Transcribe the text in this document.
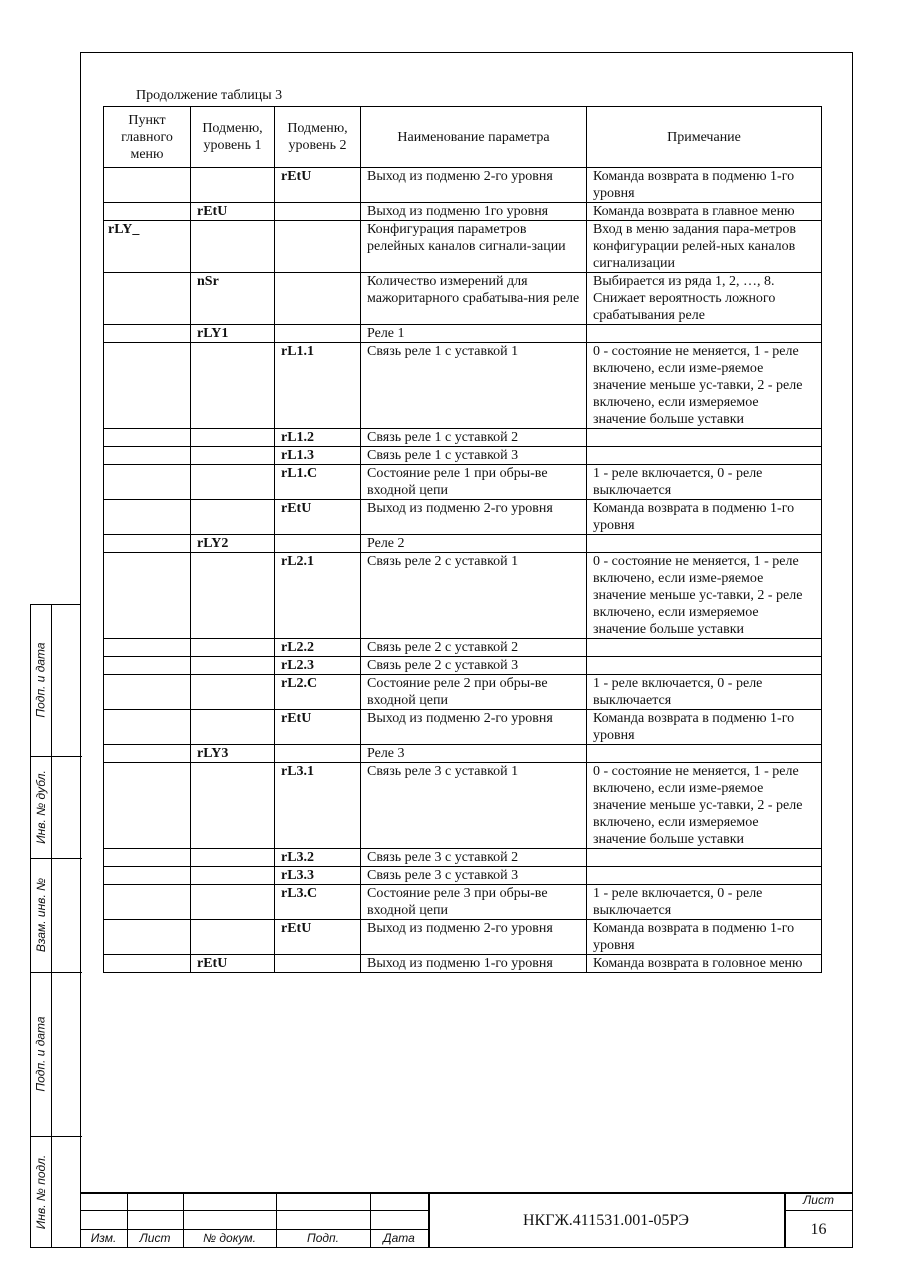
Продолжение таблицы 3
Пункт главного меню	Подменю, уровень 1	Подменю, уровень 2	Наименование параметра	Примечание
		rEtU	Выход из подменю 2-го уровня	Команда возврата в подменю 1-го уровня
	rEtU		Выход из подменю 1го уровня	Команда возврата в главное меню
rLY_			Конфигурация параметров релейных каналов сигнали-зации	Вход в меню задания пара-метров конфигурации релей-ных каналов сигнализации
	nSr		Количество измерений для мажоритарного срабатыва-ния реле	Выбирается из ряда 1, 2, …, 8. Снижает вероятность ложного срабатывания реле
	rLY1		Реле 1	
		rL1.1	Связь реле 1 с уставкой 1	0 - состояние не меняется, 1 - реле включено, если изме-ряемое значение меньше ус-тавки, 2 - реле включено, если измеряемое значение больше уставки
		rL1.2	Связь реле 1 с уставкой 2	
		rL1.3	Связь реле 1 с уставкой 3	
		rL1.C	Состояние реле 1 при обры-ве входной цепи	1 - реле включается, 0 - реле выключается
		rEtU	Выход из подменю 2-го уровня	Команда возврата в подменю 1-го уровня
	rLY2		Реле 2	
		rL2.1	Связь реле 2 с уставкой 1	0 - состояние не меняется, 1 - реле включено, если изме-ряемое значение меньше ус-тавки, 2 - реле включено, если измеряемое значение больше уставки
		rL2.2	Связь реле 2 с уставкой 2	
		rL2.3	Связь реле 2 с уставкой 3	
		rL2.C	Состояние реле 2 при обры-ве входной цепи	1 - реле включается, 0 - реле выключается
		rEtU	Выход из подменю 2-го уровня	Команда возврата в подменю 1-го уровня
	rLY3		Реле 3	
		rL3.1	Связь реле 3 с уставкой 1	0 - состояние не меняется, 1 - реле включено, если изме-ряемое значение меньше ус-тавки, 2 - реле включено, если измеряемое значение больше уставки
		rL3.2	Связь реле 3 с уставкой 2	
		rL3.3	Связь реле 3 с уставкой 3	
		rL3.C	Состояние реле 3 при обры-ве входной цепи	1 - реле включается, 0 - реле выключается
		rEtU	Выход из подменю 2-го уровня	Команда возврата в подменю 1-го уровня
	rEtU		Выход из подменю 1-го уровня	Команда возврата в головное меню
Подп. и дата
Инв. № дубл.
Взам. инв. №
Подп. и дата
Инв. № подл.
Изм.	Лист	№ докум.	Подп.	Дата
НКГЖ.411531.001-05РЭ
Лист
16
